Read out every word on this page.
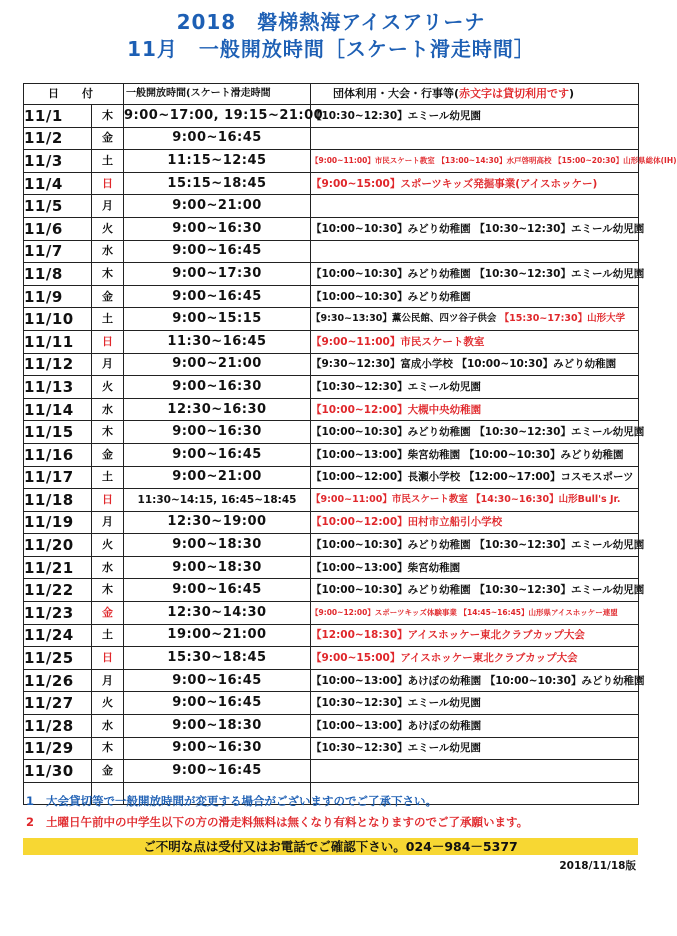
2018　磐梯熱海アイスアリーナ
11月　一般開放時間［スケート滑走時間］
日　付		一般開放時間(スケート滑走時間	団体利用・大会・行事等(赤文字は貸切利用です)
11/1	木	9:00~17:00, 19:15~21:00	【10:30~12:30】エミール幼児園
11/2	金	9:00~16:45	
11/3	土	11:15~12:45	【9:00~11:00】市民スケート教室 【13:00~14:30】水戸啓明高校 【15:00~20:30】山形県総体(IH)
11/4	日	15:15~18:45	【9:00~15:00】スポーツキッズ発掘事業(アイスホッケー)
11/5	月	9:00~21:00	
11/6	火	9:00~16:30	【10:00~10:30】みどり幼稚園 【10:30~12:30】エミール幼児園
11/7	水	9:00~16:45	
11/8	木	9:00~17:30	【10:00~10:30】みどり幼稚園 【10:30~12:30】エミール幼児園
11/9	金	9:00~16:45	【10:00~10:30】みどり幼稚園
11/10	土	9:00~15:15	【9:30~13:30】薫公民館、四ツ谷子供会 【15:30~17:30】山形大学
11/11	日	11:30~16:45	【9:00~11:00】市民スケート教室
11/12	月	9:00~21:00	【9:30~12:30】富成小学校 【10:00~10:30】みどり幼稚園
11/13	火	9:00~16:30	【10:30~12:30】エミール幼児園
11/14	水	12:30~16:30	【10:00~12:00】大槻中央幼稚園
11/15	木	9:00~16:30	【10:00~10:30】みどり幼稚園 【10:30~12:30】エミール幼児園
11/16	金	9:00~16:45	【10:00~13:00】柴宮幼稚園 【10:00~10:30】みどり幼稚園
11/17	土	9:00~21:00	【10:00~12:00】長瀬小学校 【12:00~17:00】コスモスポーツ
11/18	日	11:30~14:15, 16:45~18:45	【9:00~11:00】市民スケート教室 【14:30~16:30】山形Bull's Jr.
11/19	月	12:30~19:00	【10:00~12:00】田村市立船引小学校
11/20	火	9:00~18:30	【10:00~10:30】みどり幼稚園 【10:30~12:30】エミール幼児園
11/21	水	9:00~18:30	【10:00~13:00】柴宮幼稚園
11/22	木	9:00~16:45	【10:00~10:30】みどり幼稚園 【10:30~12:30】エミール幼児園
11/23	金	12:30~14:30	【9:00~12:00】スポーツキッズ体験事業 【14:45~16:45】山形県アイスホッケー連盟
11/24	土	19:00~21:00	【12:00~18:30】アイスホッケー東北クラブカップ大会
11/25	日	15:30~18:45	【9:00~15:00】アイスホッケー東北クラブカップ大会
11/26	月	9:00~16:45	【10:00~13:00】あけぼの幼稚園 【10:00~10:30】みどり幼稚園
11/27	火	9:00~16:45	【10:30~12:30】エミール幼児園
11/28	水	9:00~18:30	【10:00~13:00】あけぼの幼稚園
11/29	木	9:00~16:30	【10:30~12:30】エミール幼児園
11/30	金	9:00~16:45	

1 大会貸切等で一般開放時間が変更する場合がございますのでご了承下さい。
2 土曜日午前中の中学生以下の方の滑走料無料は無くなり有料となりますのでご了承願います。
ご不明な点は受付又はお電話でご確認下さい。024－984－5377
2018/11/18版
